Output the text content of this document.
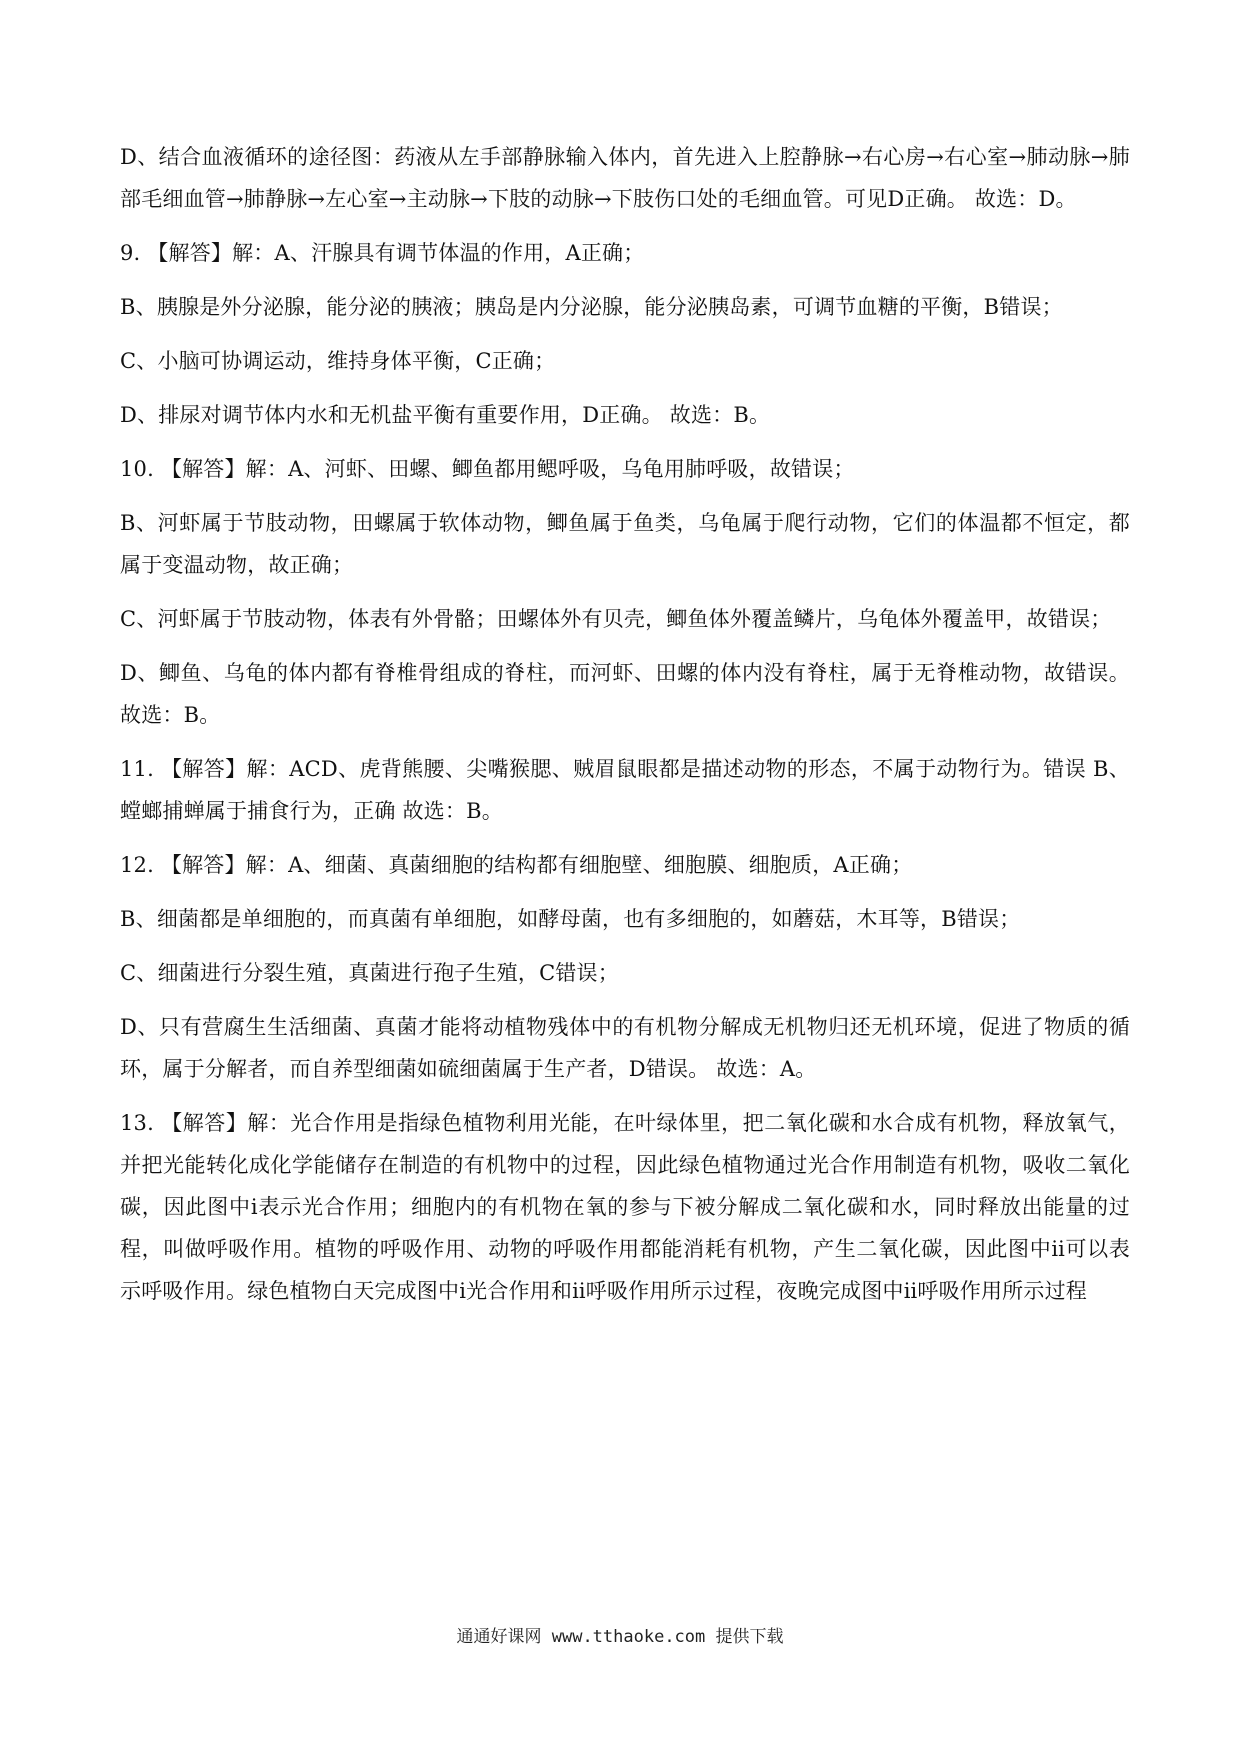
D、结合血液循环的途径图：药液从左手部静脉输入体内，首先进入上腔静脉→右心房→右心室→肺动脉→肺部毛细血管→肺静脉→左心室→主动脉→下肢的动脉→下肢伤口处的毛细血管。可见D正确。 故选：D。

9. 【解答】解：A、汗腺具有调节体温的作用，A正确；

B、胰腺是外分泌腺，能分泌的胰液；胰岛是内分泌腺，能分泌胰岛素，可调节血糖的平衡，B错误；

C、小脑可协调运动，维持身体平衡，C正确；

D、排尿对调节体内水和无机盐平衡有重要作用，D正确。 故选：B。

10. 【解答】解：A、河虾、田螺、鲫鱼都用鳃呼吸，乌龟用肺呼吸，故错误；

B、河虾属于节肢动物，田螺属于软体动物，鲫鱼属于鱼类，乌龟属于爬行动物，它们的体温都不恒定，都属于变温动物，故正确；

C、河虾属于节肢动物，体表有外骨骼；田螺体外有贝壳，鲫鱼体外覆盖鳞片，乌龟体外覆盖甲，故错误；

D、鲫鱼、乌龟的体内都有脊椎骨组成的脊柱，而河虾、田螺的体内没有脊柱，属于无脊椎动物，故错误。故选：B。

11. 【解答】解：ACD、虎背熊腰、尖嘴猴腮、贼眉鼠眼都是描述动物的形态，不属于动物行为。错误 B、螳螂捕蝉属于捕食行为，正确 故选：B。

12. 【解答】解：A、细菌、真菌细胞的结构都有细胞壁、细胞膜、细胞质，A正确；

B、细菌都是单细胞的，而真菌有单细胞，如酵母菌，也有多细胞的，如蘑菇，木耳等，B错误；

C、细菌进行分裂生殖，真菌进行孢子生殖，C错误；

D、只有营腐生生活细菌、真菌才能将动植物残体中的有机物分解成无机物归还无机环境，促进了物质的循环，属于分解者，而自养型细菌如硫细菌属于生产者，D错误。 故选：A。

13. 【解答】解：光合作用是指绿色植物利用光能，在叶绿体里，把二氧化碳和水合成有机物，释放氧气，并把光能转化成化学能储存在制造的有机物中的过程，因此绿色植物通过光合作用制造有机物，吸收二氧化碳，因此图中ⅰ表示光合作用；细胞内的有机物在氧的参与下被分解成二氧化碳和水，同时释放出能量的过程，叫做呼吸作用。植物的呼吸作用、动物的呼吸作用都能消耗有机物，产生二氧化碳，因此图中ⅱ可以表示呼吸作用。绿色植物白天完成图中ⅰ光合作用和ⅱ呼吸作用所示过程，夜晚完成图中ⅱ呼吸作用所示过程

通通好课网 www.tthaoke.com 提供下载
